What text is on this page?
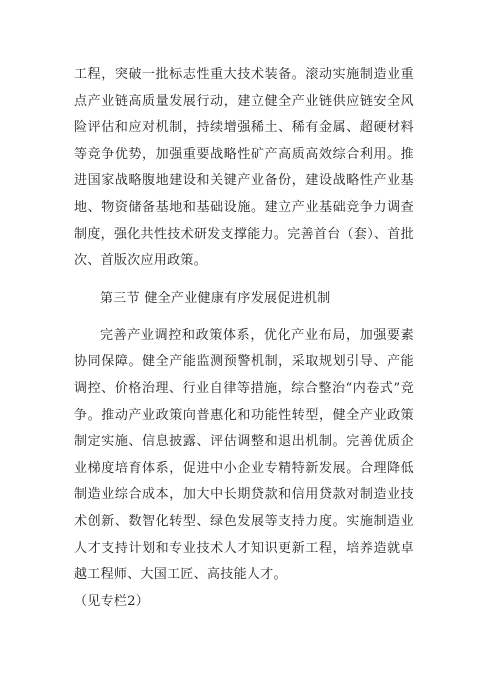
工程，突破一批标志性重大技术装备。滚动实施制造业重点产业链高质量发展行动，建立健全产业链供应链安全风险评估和应对机制，持续增强稀土、稀有金属、超硬材料等竞争优势，加强重要战略性矿产高质高效综合利用。推进国家战略腹地建设和关键产业备份，建设战略性产业基地、物资储备基地和基础设施。建立产业基础竞争力调查制度，强化共性技术研发支撑能力。完善首台（套）、首批次、首版次应用政策。

第三节 健全产业健康有序发展促进机制

完善产业调控和政策体系，优化产业布局，加强要素协同保障。健全产能监测预警机制，采取规划引导、产能调控、价格治理、行业自律等措施，综合整治“内卷式”竞争。推动产业政策向普惠化和功能性转型，健全产业政策制定实施、信息披露、评估调整和退出机制。完善优质企业梯度培育体系，促进中小企业专精特新发展。合理降低制造业综合成本，加大中长期贷款和信用贷款对制造业技术创新、数智化转型、绿色发展等支持力度。实施制造业人才支持计划和专业技术人才知识更新工程，培养造就卓越工程师、大国工匠、高技能人才。

（见专栏2）
